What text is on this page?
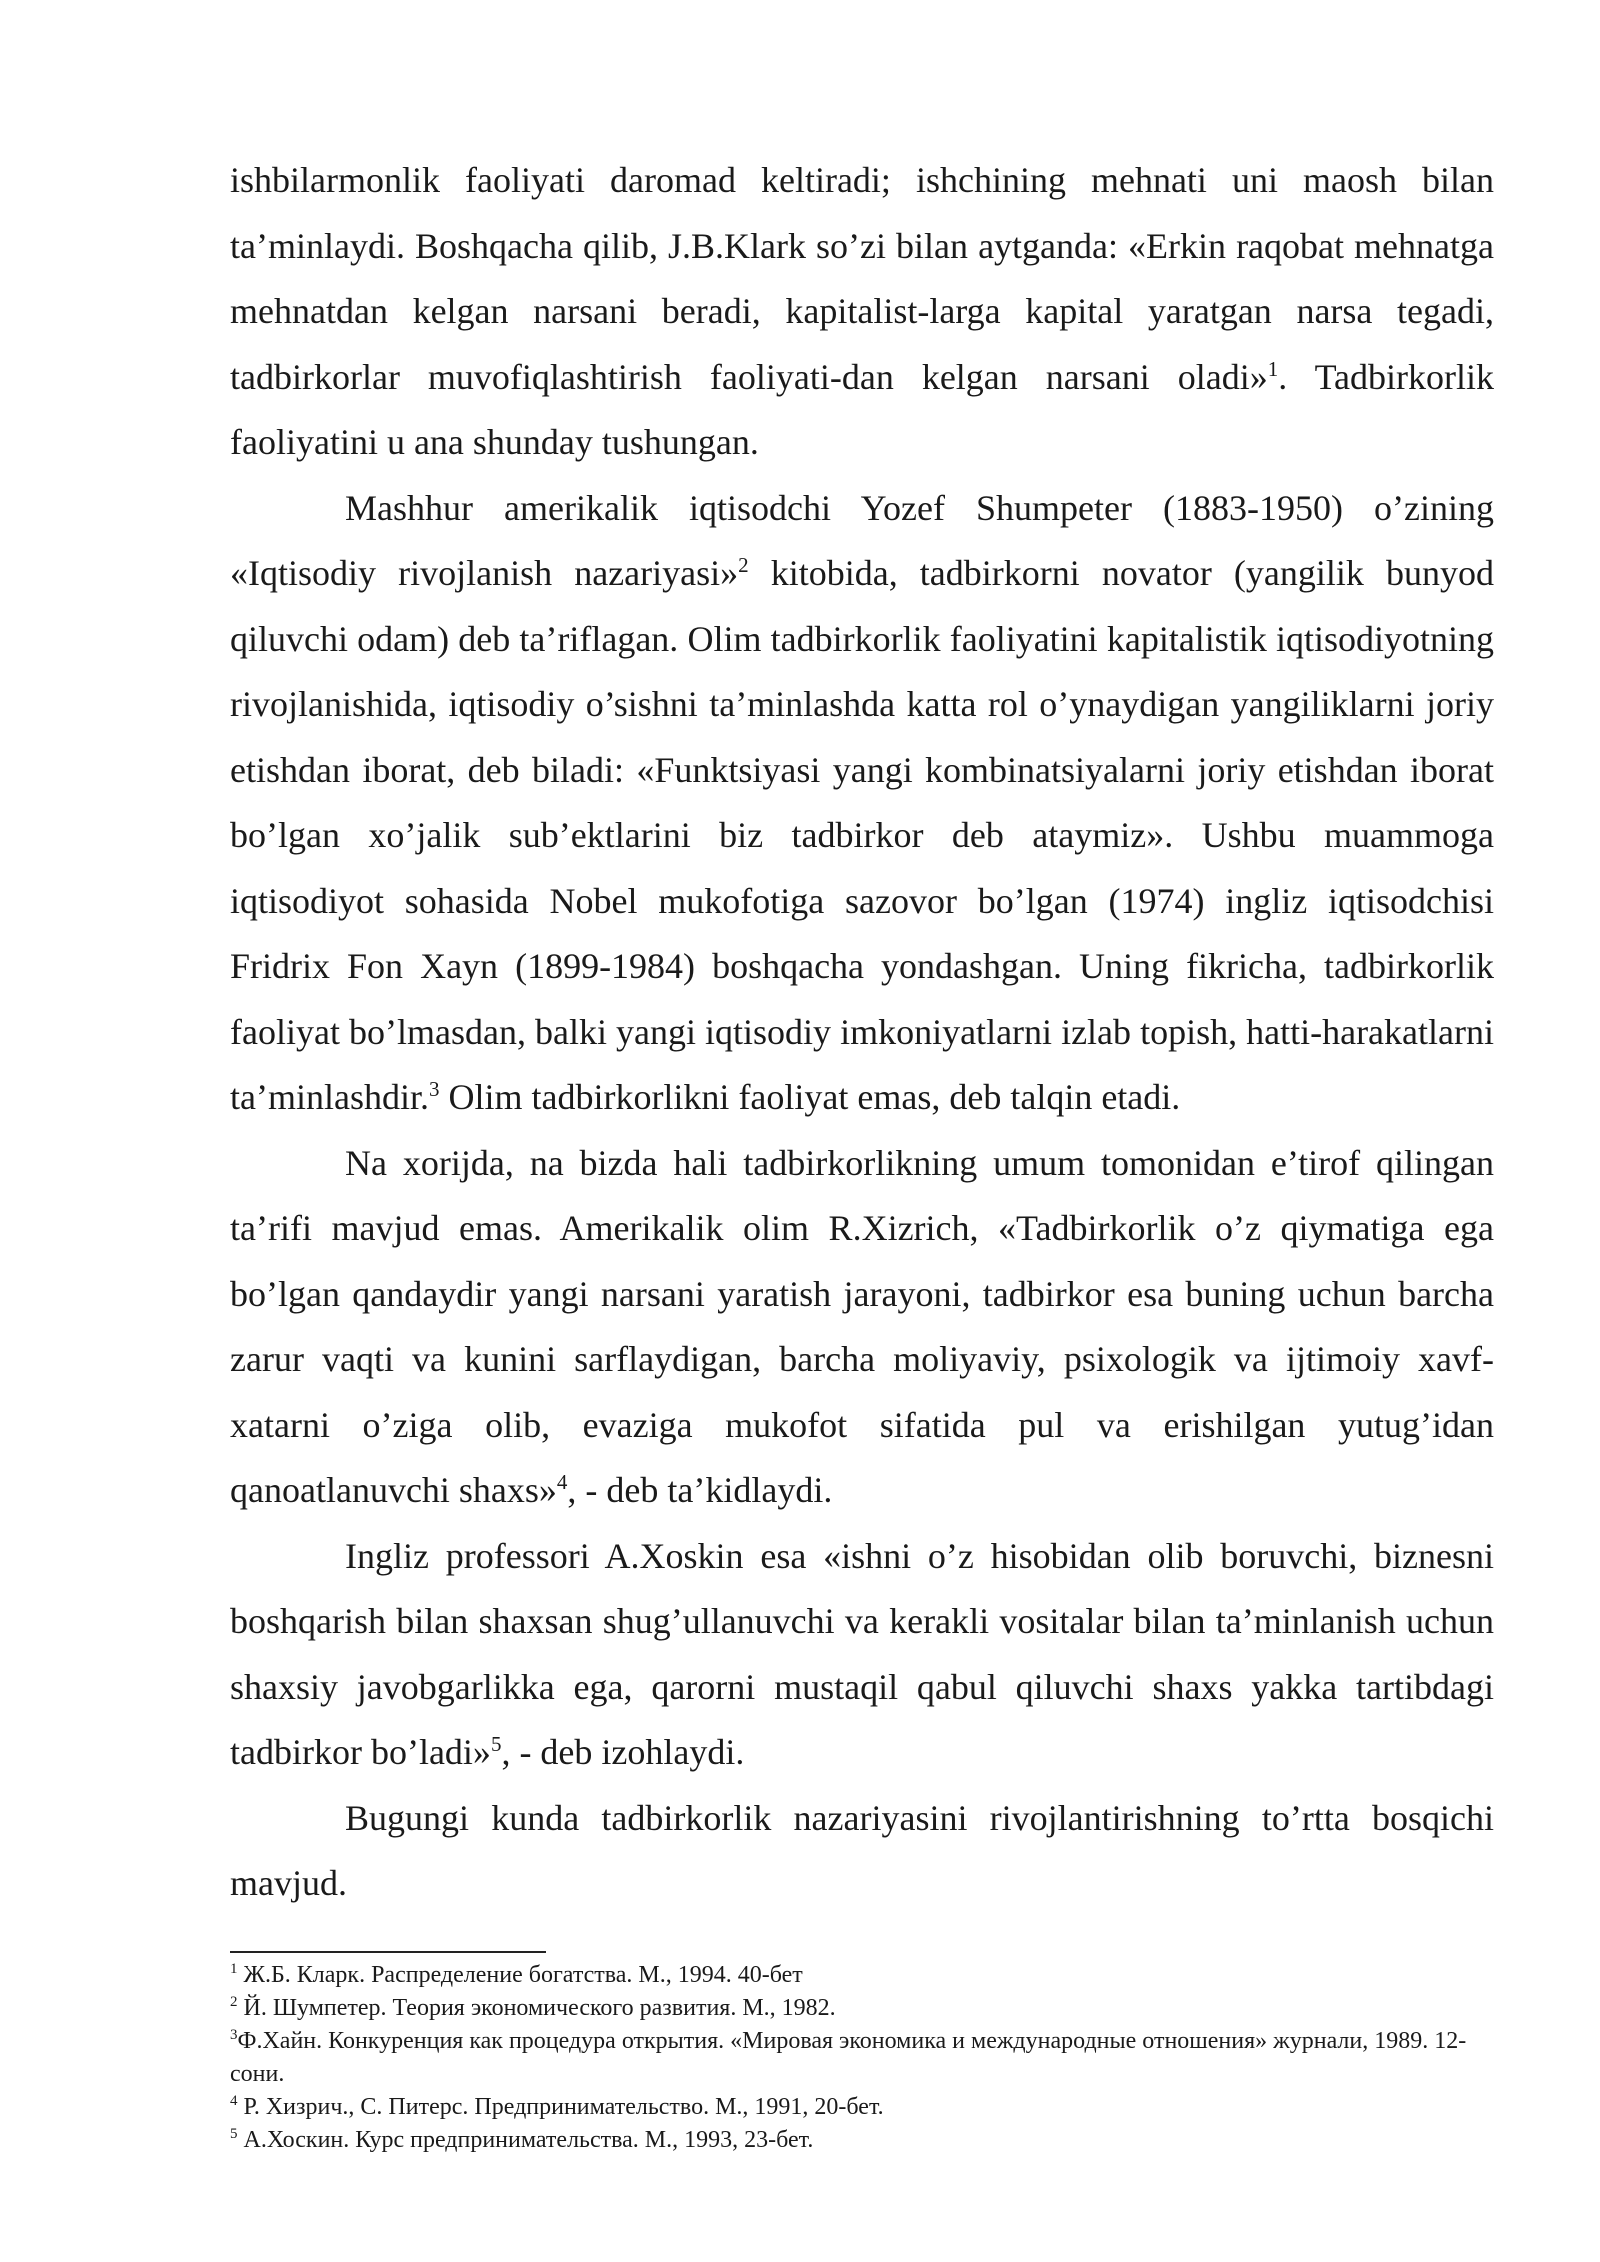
ishbilarmonlik faoliyati daromad keltiradi; ishchining mehnati uni maosh bilan ta’minlaydi. Boshqacha qilib, J.B.Klark so’zi bilan aytganda: «Erkin raqobat mehnatga mehnatdan kelgan narsani beradi, kapitalist-larga kapital yaratgan narsa tegadi, tadbirkorlar muvofiqlashtirish faoliyati-dan kelgan narsani oladi»$^1$. Tadbirkorlik faoliyatini u ana shunday tushungan.

Mashhur amerikalik iqtisodchi Yozef Shumpeter (1883-1950) o’zining «Iqtisodiy rivojlanish nazariyasi»$^2$ kitobida, tadbirkorni novator (yangilik bunyod qiluvchi odam) deb ta’riflagan. Olim tadbirkorlik faoliyatini kapitalistik iqtisodiyotning rivojlanishida, iqtisodiy o’sishni ta’minlashda katta rol o’ynaydigan yangiliklarni joriy etishdan iborat, deb biladi: «Funktsiyasi yangi kombinatsiyalarni joriy etishdan iborat bo’lgan xo’jalik sub’ektlarini biz tadbirkor deb ataymiz». Ushbu muammoga iqtisodiyot sohasida Nobel mukofotiga sazovor bo’lgan (1974) ingliz iqtisodchisi Fridrix Fon Xayn (1899-1984) boshqacha yondashgan. Uning fikricha, tadbirkorlik faoliyat bo’lmasdan, balki yangi iqtisodiy imkoniyatlarni izlab topish, hatti-harakatlarni ta’minlashdir.$^3$ Olim tadbirkorlikni faoliyat emas, deb talqin etadi.

Na xorijda, na bizda hali tadbirkorlikning umum tomonidan e’tirof qilingan ta’rifi mavjud emas. Amerikalik olim R.Xizrich, «Tadbirkorlik o’z qiymatiga ega bo’lgan qandaydir yangi narsani yaratish jarayoni, tadbirkor esa buning uchun barcha zarur vaqti va kunini sarflaydigan, barcha moliyaviy, psixologik va ijtimoiy xavf-xatarni o’ziga olib, evaziga mukofot sifatida pul va erishilgan yutug’idan qanoatlanuvchi shaxs»$^4$, - deb ta’kidlaydi.

Ingliz professori A.Xoskin esa «ishni o’z hisobidan olib boruvchi, biznesni boshqarish bilan shaxsan shug’ullanuvchi va kerakli vositalar bilan ta’minlanish uchun shaxsiy javobgarlikka ega, qarorni mustaqil qabul qiluvchi shaxs yakka tartibdagi tadbirkor bo’ladi»$^5$, - deb izohlaydi.

Bugungi kunda tadbirkorlik nazariyasini rivojlantirishning to’rtta bosqichi mavjud.

$^1$ Ж.Б. Кларк. Распределение богатства. М., 1994. 40-бет

$^2$ Й. Шумпетер. Теория экономического развития. М., 1982.

$^3$Ф.Хайн. Конкуренция как процедура открытия. «Мировая экономика и международные отношения» журнали, 1989. 12-сони.

$^4$ Р. Хизрич., С. Питерс. Предпринимательство. М., 1991, 20-бет.

$^5$ А.Хоскин. Курс предпринимательства. М., 1993, 23-бет.
